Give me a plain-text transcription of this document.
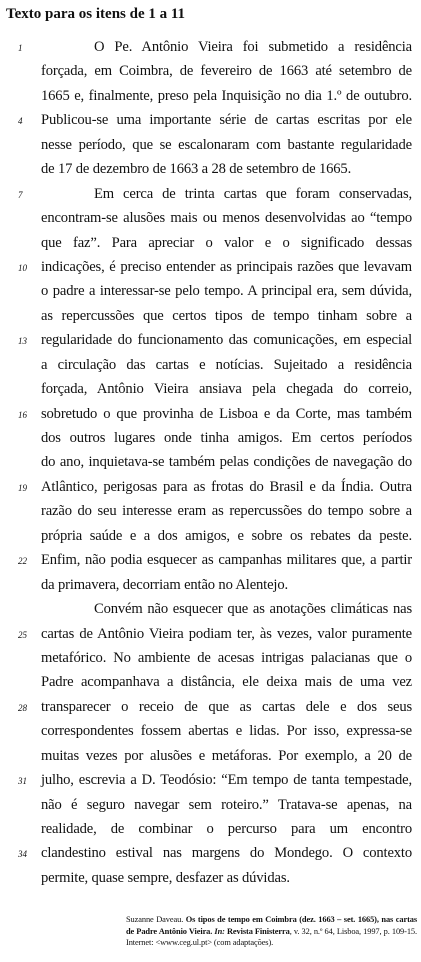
Texto para os itens de 1 a 11
1	O Pe. Antônio Vieira foi submetido a residência
forçada, em Coimbra, de fevereiro de 1663 até setembro de
1665 e, finalmente, preso pela Inquisição no dia 1.º de outubro.
4	Publicou-se uma importante série de cartas escritas por ele
nesse período, que se escalonaram com bastante regularidade
de 17 de dezembro de 1663 a 28 de setembro de 1665.
7	Em cerca de trinta cartas que foram conservadas,
encontram-se alusões mais ou menos desenvolvidas ao “tempo
que faz”. Para apreciar o valor e o significado dessas
10 indicações, é preciso entender as principais razões que levavam
o padre a interessar-se pelo tempo. A principal era, sem dúvida,
as repercussões que certos tipos de tempo tinham sobre a
13 regularidade do funcionamento das comunicações, em especial
a circulação das cartas e notícias. Sujeitado a residência
forçada, Antônio Vieira ansiava pela chegada do correio,
16 sobretudo o que provinha de Lisboa e da Corte, mas também
dos outros lugares onde tinha amigos. Em certos períodos
do ano, inquietava-se também pelas condições de navegação do
19 Atlântico, perigosas para as frotas do Brasil e da Índia. Outra
razão do seu interesse eram as repercussões do tempo sobre a
própria saúde e a dos amigos, e sobre os rebates da peste.
22 Enfim, não podia esquecer as campanhas militares que, a partir
da primavera, decorriam então no Alentejo.
Convém não esquecer que as anotações climáticas nas
25 cartas de Antônio Vieira podiam ter, às vezes, valor puramente
metafórico. No ambiente de acesas intrigas palacianas que o
Padre acompanhava a distância, ele deixa mais de uma vez
28 transparecer o receio de que as cartas dele e dos seus
correspondentes fossem abertas e lidas. Por isso, expressa-se
muitas vezes por alusões e metáforas. Por exemplo, a 20 de
31 julho, escrevia a D. Teodósio: “Em tempo de tanta tempestade,
não é seguro navegar sem roteiro.” Tratava-se apenas, na
realidade, de combinar o percurso para um encontro
34 clandestino estival nas margens do Mondego. O contexto
permite, quase sempre, desfazer as dúvidas.
Suzanne Daveau. Os tipos de tempo em Coimbra (dez. 1663 – set. 1665), nas cartas de Padre Antônio Vieira. In: Revista Finisterra, v. 32, n.º 64, Lisboa, 1997, p. 109-15. Internet: <www.ceg.ul.pt> (com adaptações).
